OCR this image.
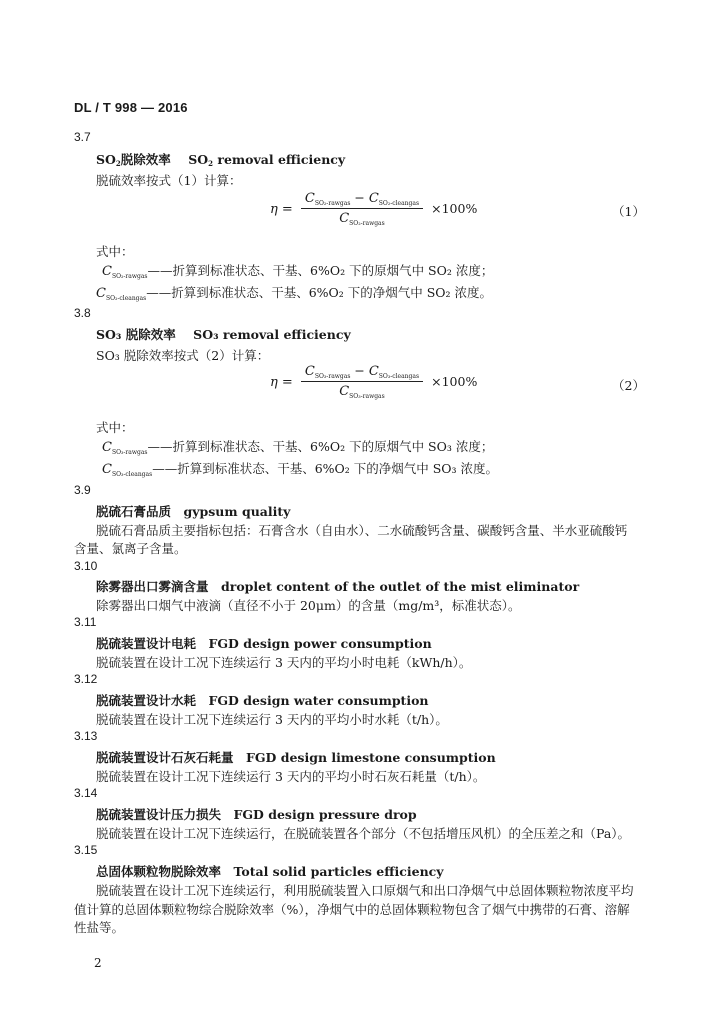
DL / T 998 — 2016
3.7
$SO_2$脱除效率 $SO_2$ removal efficiency
脱硫效率按式（1）计算：
$\eta = \frac{C_{SO_2-rawgas} - C_{SO_2-cleangas}}{C_{SO_2-rawgas}} \times 100\%$	（1）
式中：
$C_{SO_2-rawgas}——$折算到标准状态、干基、6%O₂ 下的原烟气中 SO₂ 浓度；
$C_{SO_2-cleangas}——$折算到标准状态、干基、6%O₂ 下的净烟气中 SO₂ 浓度。
3.8
SO₃ 脱除效率 SO₃ removal efficiency
SO₃ 脱除效率按式（2）计算：
$\eta = \frac{C_{SO_3-rawgas} - C_{SO_3-cleangas}}{C_{SO_3-rawgas}} \times 100\%$	（2）
式中：
$C_{SO_3-rawgas}——$折算到标准状态、干基、6%O₂ 下的原烟气中 SO₃ 浓度；
$C_{SO_3-cleangas}——$折算到标准状态、干基、6%O₂ 下的净烟气中 SO₃ 浓度。
3.9
脱硫石膏品质　gypsum quality
脱硫石膏品质主要指标包括：石膏含水（自由水）、二水硫酸钙含量、碳酸钙含量、半水亚硫酸钙
含量、氯离子含量。
3.10
除雾器出口雾滴含量　droplet content of the outlet of the mist eliminator
除雾器出口烟气中液滴（直径不小于 20μm）的含量（mg/m³，标准状态）。
3.11
脱硫装置设计电耗　FGD design power consumption
脱硫装置在设计工况下连续运行 3 天内的平均小时电耗（kWh/h）。
3.12
脱硫装置设计水耗　FGD design water consumption
脱硫装置在设计工况下连续运行 3 天内的平均小时水耗（t/h）。
3.13
脱硫装置设计石灰石耗量　FGD design limestone consumption
脱硫装置在设计工况下连续运行 3 天内的平均小时石灰石耗量（t/h）。
3.14
脱硫装置设计压力损失　FGD design pressure drop
脱硫装置在设计工况下连续运行，在脱硫装置各个部分（不包括增压风机）的全压差之和（Pa）。
3.15
总固体颗粒物脱除效率　Total solid particles efficiency
脱硫装置在设计工况下连续运行，利用脱硫装置入口原烟气和出口净烟气中总固体颗粒物浓度平均
值计算的总固体颗粒物综合脱除效率（%），净烟气中的总固体颗粒物包含了烟气中携带的石膏、溶解
性盐等。
2
